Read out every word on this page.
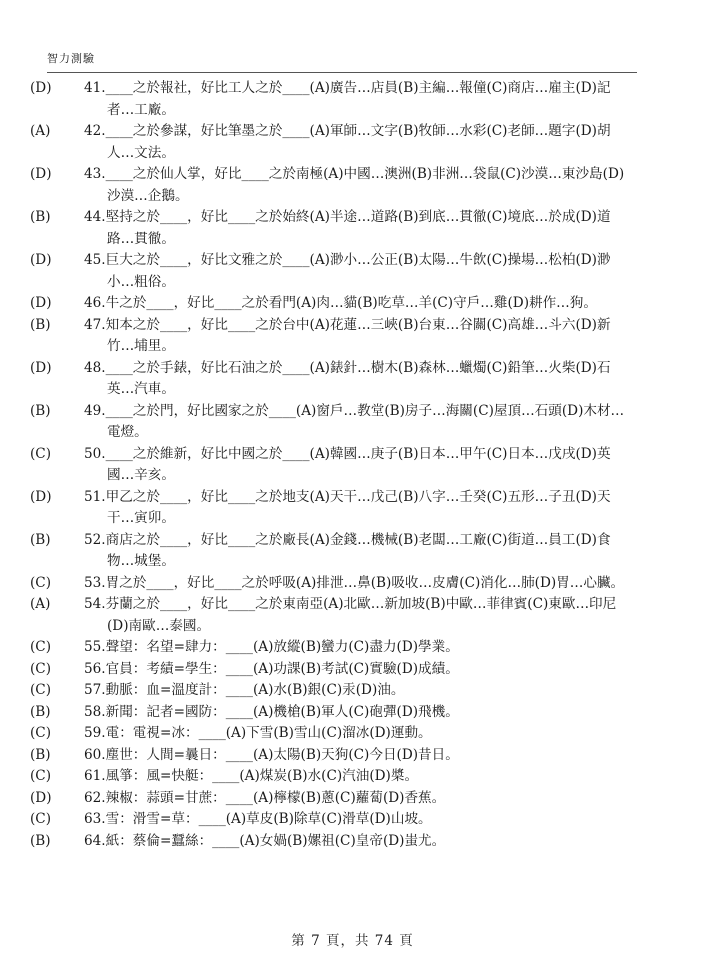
智力測驗
(D) 41.____之於報社，好比工人之於____(A)廣告…店員(B)主編…報僮(C)商店…雇主(D)記
者…工廠。
(A) 42.____之於參謀，好比筆墨之於____(A)軍師…文字(B)牧師…水彩(C)老師…題字(D)胡
人…文法。
(D) 43.____之於仙人掌，好比____之於南極(A)中國…澳洲(B)非洲…袋鼠(C)沙漠…東沙島(D)
沙漠…企鵝。
(B) 44.堅持之於____，好比____之於始終(A)半途…道路(B)到底…貫徹(C)境底…於成(D)道
路…貫徹。
(D) 45.巨大之於____，好比文雅之於____(A)渺小…公正(B)太陽…牛飲(C)操場…松柏(D)渺
小…粗俗。
(D) 46.牛之於____，好比____之於看門(A)肉…貓(B)吃草…羊(C)守戶…雞(D)耕作…狗。
(B) 47.知本之於____，好比____之於台中(A)花蓮…三峽(B)台東…谷關(C)高雄…斗六(D)新
竹…埔里。
(D) 48.____之於手錶，好比石油之於____(A)錶針…樹木(B)森林…蠟燭(C)鉛筆…火柴(D)石
英…汽車。
(B) 49.____之於門，好比國家之於____(A)窗戶…教堂(B)房子…海關(C)屋頂…石頭(D)木材…
電燈。
(C) 50.____之於維新，好比中國之於____(A)韓國…庚子(B)日本…甲午(C)日本…戊戌(D)英
國…辛亥。
(D) 51.甲乙之於____，好比____之於地支(A)天干…戊己(B)八字…壬癸(C)五形…子丑(D)天
干…寅卯。
(B) 52.商店之於____，好比____之於廠長(A)金錢…機械(B)老闆…工廠(C)街道…員工(D)食
物…城堡。
(C) 53.胃之於____，好比____之於呼吸(A)排泄…鼻(B)吸收…皮膚(C)消化…肺(D)胃…心臟。
(A) 54.芬蘭之於____，好比____之於東南亞(A)北歐…新加坡(B)中歐…菲律賓(C)東歐…印尼
(D)南歐…泰國。
(C) 55.聲望：名望=肆力：____(A)放縱(B)蠻力(C)盡力(D)學業。
(C) 56.官員：考績=學生：____(A)功課(B)考試(C)實驗(D)成績。
(C) 57.動脈：血=溫度計：____(A)水(B)銀(C)汞(D)油。
(B) 58.新聞：記者=國防：____(A)機槍(B)軍人(C)砲彈(D)飛機。
(C) 59.電：電視=冰：____(A)下雪(B)雪山(C)溜冰(D)運動。
(B) 60.塵世：人間=曩日：____(A)太陽(B)天狗(C)今日(D)昔日。
(C) 61.風箏：風=快艇：____(A)煤炭(B)水(C)汽油(D)槳。
(D) 62.辣椒：蒜頭=甘蔗：____(A)檸檬(B)蔥(C)蘿蔔(D)香蕉。
(C) 63.雪：滑雪=草：____(A)草皮(B)除草(C)滑草(D)山坡。
(B) 64.紙：蔡倫=蠶絲：____(A)女媧(B)嫘祖(C)皇帝(D)蚩尤。
第 7 頁，共 74 頁
